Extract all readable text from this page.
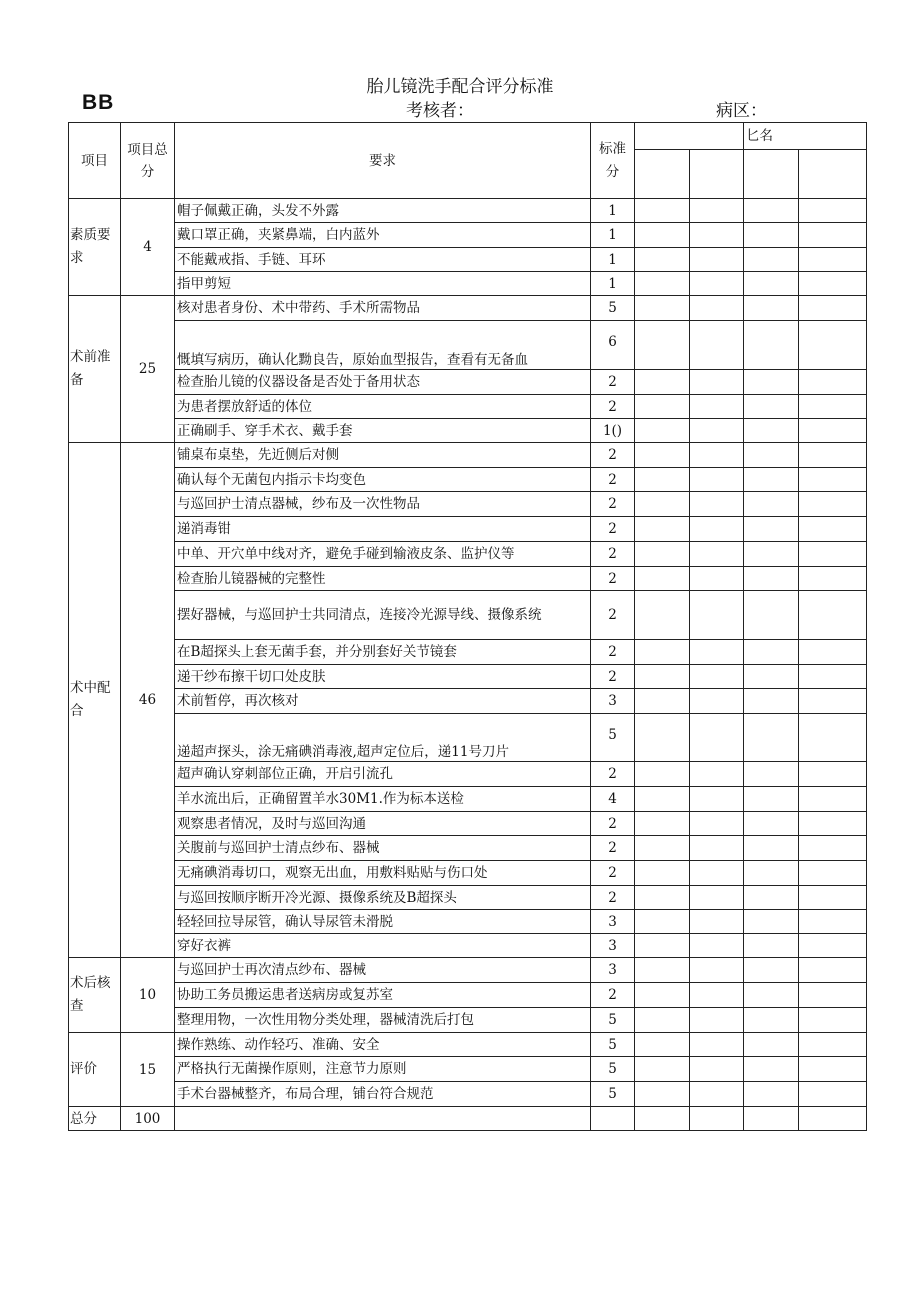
BB
胎儿镜洗手配合评分标准
考核者：	病区：
项目	项目总分	要求	标准分			匕名	

素质要求	4	帽子佩戴正确，头发不外露	1				
		戴口罩正确，夹紧鼻端，白内蓝外	1				
		不能戴戒指、手链、耳环	1				
		指甲剪短	1				
术前准备	25	核对患者身份、术中带药、手术所需物品	5				
		慨填写病历，确认化黝良告，原始血型报告，查看有无备血	6				
		检查胎儿镜的仪器设备是否处于备用状态	2				
		为患者摆放舒适的体位	2				
		正确刷手、穿手术衣、戴手套	1()				
术中配合	46	铺桌布桌垫，先近侧后对侧	2				
		确认每个无菌包内指示卡均变色	2				
		与巡回护士清点器械，纱布及一次性物品	2				
		递消毒钳	2				
		中单、开穴单中线对齐，避免手碰到输液皮条、监护仪等	2				
		检查胎儿镜器械的完整性	2				
		摆好器械，与巡回护士共同清点，连接冷光源导线、摄像系统	2				
		在B超探头上套无菌手套，并分别套好关节镜套	2				
		递干纱布擦干切口处皮肤	2				
		术前暂停，再次核对	3				
		递超声探头，涂无痛碘消毒液,超声定位后，递11号刀片	5				
		超声确认穿刺部位正确，开启引流孔	2				
		羊水流出后，正确留置羊水30M1.作为标本送检	4				
		观察患者情况，及时与巡回沟通	2				
		关腹前与巡回护士清点纱布、器械	2				
		无痛碘消毒切口，观察无出血，用敷料贴贴与伤口处	2				
		与巡回按顺序断开冷光源、摄像系统及B超探头	2				
		轻轻回拉导尿管，确认导尿管未滑脱	3				
		穿好衣裤	3				
术后核查	10	与巡回护士再次清点纱布、器械	3				
		协助工务员搬运患者送病房或复苏室	2				
		整理用物，一次性用物分类处理，器械清洗后打包	5				
评价	15	操作熟练、动作轻巧、准确、安全	5				
		严格执行无菌操作原则，注意节力原则	5				
		手术台器械整齐，布局合理，铺台符合规范	5				
总分	100						
